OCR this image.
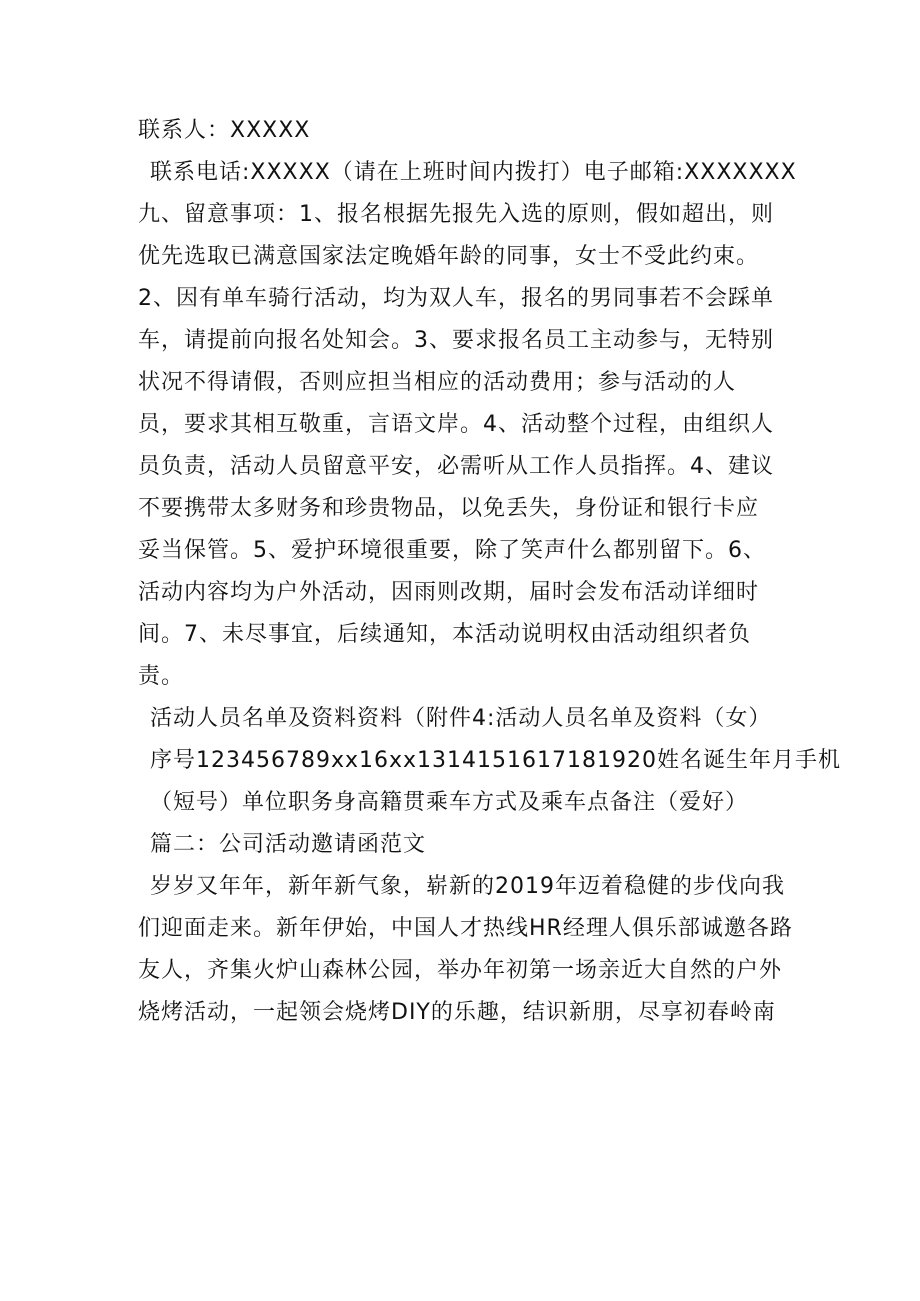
联系人：XXXXX
联系电话:XXXXX（请在上班时间内拨打）电子邮箱:XXXXXXX
九、留意事项：1、报名根据先报先入选的原则，假如超出，则
优先选取已满意国家法定晚婚年龄的同事，女士不受此约束。
2、因有单车骑行活动，均为双人车，报名的男同事若不会踩单
车，请提前向报名处知会。3、要求报名员工主动参与，无特别
状况不得请假，否则应担当相应的活动费用；参与活动的人
员，要求其相互敬重，言语文岸。4、活动整个过程，由组织人
员负责，活动人员留意平安，必需听从工作人员指挥。4、建议
不要携带太多财务和珍贵物品，以免丢失，身份证和银行卡应
妥当保管。5、爱护环境很重要，除了笑声什么都别留下。6、
活动内容均为户外活动，因雨则改期，届时会发布活动详细时
间。7、未尽事宜，后续通知，本活动说明权由活动组织者负
责。
活动人员名单及资料资料（附件4:活动人员名单及资料（女）
序号123456789xx16xx1314151617181920姓名诞生年月手机
（短号）单位职务身高籍贯乘车方式及乘车点备注（爱好）
篇二：公司活动邀请函范文
岁岁又年年，新年新气象，崭新的2019年迈着稳健的步伐向我
们迎面走来。新年伊始，中国人才热线HR经理人俱乐部诚邀各路
友人，齐集火炉山森林公园，举办年初第一场亲近大自然的户外
烧烤活动，一起领会烧烤DIY的乐趣，结识新朋，尽享初春岭南
